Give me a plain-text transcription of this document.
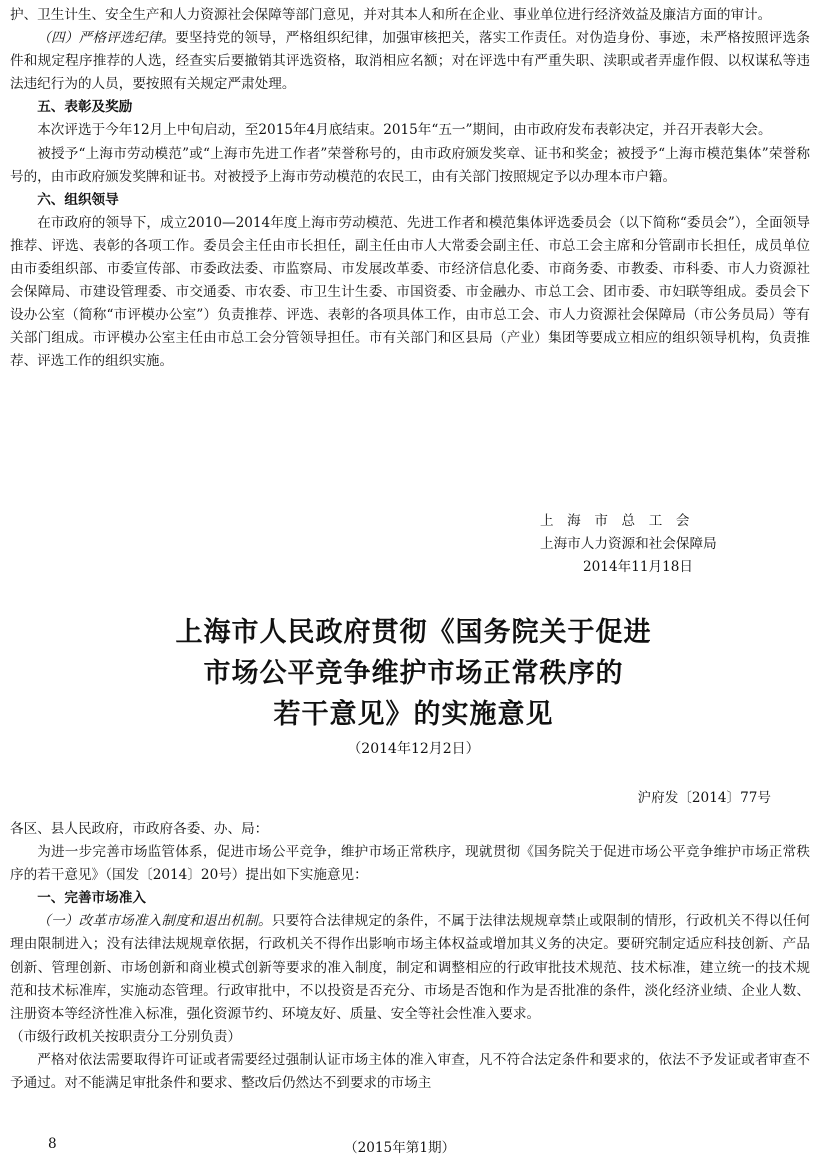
护、卫生计生、安全生产和人力资源社会保障等部门意见，并对其本人和所在企业、事业单位进行经济效益及廉洁方面的审计。

（四）严格评选纪律。要坚持党的领导，严格组织纪律，加强审核把关，落实工作责任。对伪造身份、事迹，未严格按照评选条件和规定程序推荐的人选，经查实后要撤销其评选资格，取消相应名额；对在评选中有严重失职、渎职或者弄虚作假、以权谋私等违法违纪行为的人员，要按照有关规定严肃处理。

五、表彰及奖励

本次评选于今年12月上中旬启动，至2015年4月底结束。2015年“五一”期间，由市政府发布表彰决定，并召开表彰大会。

被授予“上海市劳动模范”或“上海市先进工作者”荣誉称号的，由市政府颁发奖章、证书和奖金；被授予“上海市模范集体”荣誉称号的，由市政府颁发奖牌和证书。对被授予上海市劳动模范的农民工，由有关部门按照规定予以办理本市户籍。

六、组织领导

在市政府的领导下，成立2010—2014年度上海市劳动模范、先进工作者和模范集体评选委员会（以下简称“委员会”），全面领导推荐、评选、表彰的各项工作。委员会主任由市长担任，副主任由市人大常委会副主任、市总工会主席和分管副市长担任，成员单位由市委组织部、市委宣传部、市委政法委、市监察局、市发展改革委、市经济信息化委、市商务委、市教委、市科委、市人力资源社会保障局、市建设管理委、市交通委、市农委、市卫生计生委、市国资委、市金融办、市总工会、团市委、市妇联等组成。委员会下设办公室（简称“市评模办公室”）负责推荐、评选、表彰的各项具体工作，由市总工会、市人力资源社会保障局（市公务员局）等有关部门组成。市评模办公室主任由市总工会分管领导担任。市有关部门和区县局（产业）集团等要成立相应的组织领导机构，负责推荐、评选工作的组织实施。

上　海　市　总　工　会
上海市人力资源和社会保障局
2014年11月18日
上海市人民政府贯彻《国务院关于促进
市场公平竞争维护市场正常秩序的
若干意见》的实施意见
（2014年12月2日）
沪府发〔2014〕77号

各区、县人民政府，市政府各委、办、局：

为进一步完善市场监管体系，促进市场公平竞争，维护市场正常秩序，现就贯彻《国务院关于促进市场公平竞争维护市场正常秩序的若干意见》（国发〔2014〕20号）提出如下实施意见：

一、完善市场准入

（一）改革市场准入制度和退出机制。只要符合法律规定的条件，不属于法律法规规章禁止或限制的情形，行政机关不得以任何理由限制进入；没有法律法规规章依据，行政机关不得作出影响市场主体权益或增加其义务的决定。要研究制定适应科技创新、产品创新、管理创新、市场创新和商业模式创新等要求的准入制度，制定和调整相应的行政审批技术规范、技术标准，建立统一的技术规范和技术标准库，实施动态管理。行政审批中，不以投资是否充分、市场是否饱和作为是否批准的条件，淡化经济业绩、企业人数、注册资本等经济性准入标准，强化资源节约、环境友好、质量、安全等社会性准入要求。

（市级行政机关按职责分工分别负责）

严格对依法需要取得许可证或者需要经过强制认证市场主体的准入审查，凡不符合法定条件和要求的，依法不予发证或者审查不予通过。对不能满足审批条件和要求、整改后仍然达不到要求的市场主

8	（2015年第1期）
